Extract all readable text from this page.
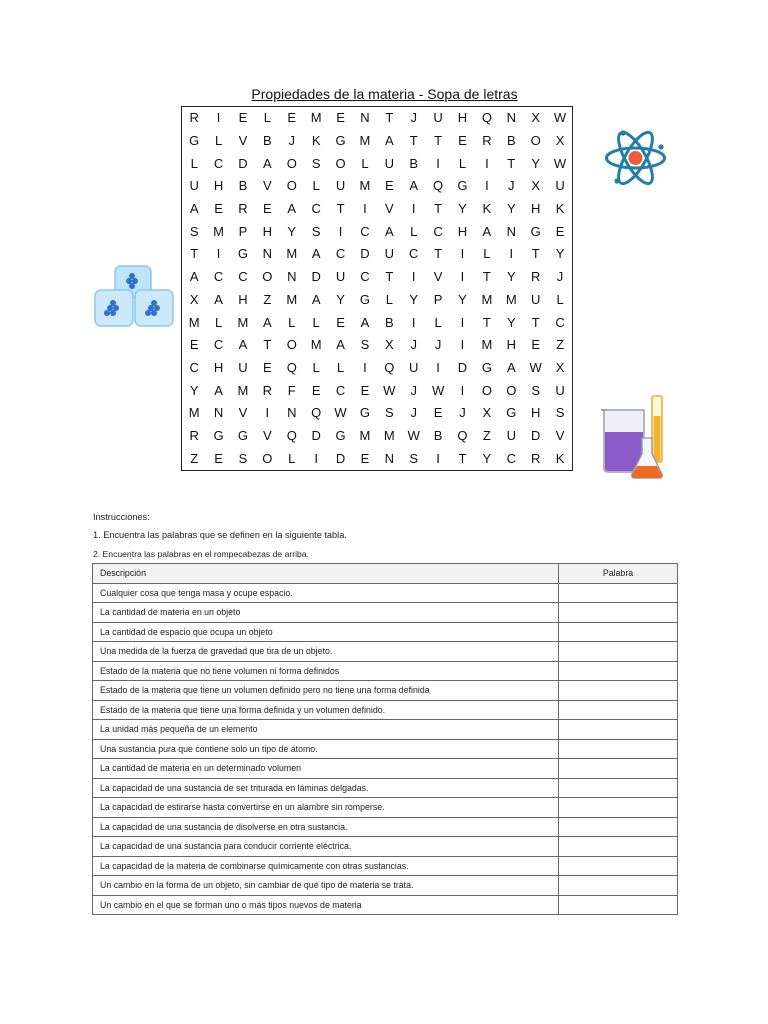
Propiedades de la materia - Sopa de letras
R	I	E	L	E	M	E	N	T	J	U	H	Q	N	X	W
G	L	V	B	J	K	G	M	A	T	T	E	R	B	O	X
L	C	D	A	O	S	O	L	U	B	I	L	I	T	Y	W
U	H	B	V	O	L	U	M	E	A	Q	G	I	J	X	U
A	E	R	E	A	C	T	I	V	I	T	Y	K	Y	H	K
S	M	P	H	Y	S	I	C	A	L	C	H	A	N	G	E
T	I	G	N	M	A	C	D	U	C	T	I	L	I	T	Y
A	C	C	O	N	D	U	C	T	I	V	I	T	Y	R	J
X	A	H	Z	M	A	Y	G	L	Y	P	Y	M	M	U	L
M	L	M	A	L	L	E	A	B	I	L	I	T	Y	T	C
E	C	A	T	O	M	A	S	X	J	J	I	M	H	E	Z
C	H	U	E	Q	L	L	I	Q	U	I	D	G	A	W	X
Y	A	M	R	F	E	C	E	W	J	W	I	O	O	S	U
M	N	V	I	N	Q	W	G	S	J	E	J	X	G	H	S
R	G	G	V	Q	D	G	M	M	W	B	Q	Z	U	D	V
Z	E	S	O	L	I	D	E	N	S	I	T	Y	C	R	K
Instrucciones:
1. Encuentra las palabras que se definen en la siguiente tabla.
2. Encuentra las palabras en el rompecabezas de arriba.
Descripción	Palabra
Cualquier cosa que tenga masa y ocupe espacio.	
La cantidad de materia en un objeto	
La cantidad de espacio que ocupa un objeto	
Una medida de la fuerza de gravedad que tira de un objeto.	
Estado de la materia que no tiene volumen ni forma definidos	
Estado de la materia que tiene un volumen definido pero no tiene una forma definida	
Estado de la materia que tiene una forma definida y un volumen definido.	
La unidad más pequeña de un elemento	
Una sustancia pura que contiene solo un tipo de átomo.	
La cantidad de materia en un determinado volumen	
La capacidad de una sustancia de ser triturada en láminas delgadas.	
La capacidad de estirarse hasta convertirse en un alambre sin romperse.	
La capacidad de una sustancia de disolverse en otra sustancia.	
La capacidad de una sustancia para conducir corriente eléctrica.	
La capacidad de la materia de combinarse químicamente con otras sustancias.	
Un cambio en la forma de un objeto, sin cambiar de qué tipo de materia se trata.	
Un cambio en el que se forman uno o más tipos nuevos de materia	
